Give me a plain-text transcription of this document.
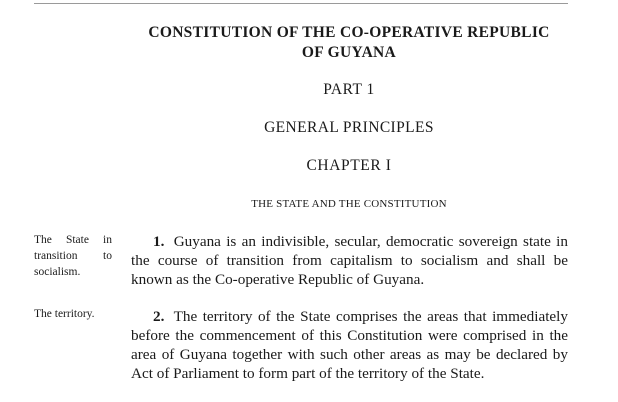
CONSTITUTION OF THE CO-OPERATIVE REPUBLIC
OF GUYANA
PART 1
GENERAL PRINCIPLES
CHAPTER I
THE STATE AND THE CONSTITUTION
The State in transition to socialism.

1. Guyana is an indivisible, secular, democratic sovereign state in the course of transition from capitalism to socialism and shall be known as the Co-operative Republic of Guyana.

The territory.	2. The territory of the State comprises the areas that immediately before the commencement of this Constitution were comprised in the area of Guyana together with such other areas as may be declared by Act of Parliament to form part of the territory of the State.
